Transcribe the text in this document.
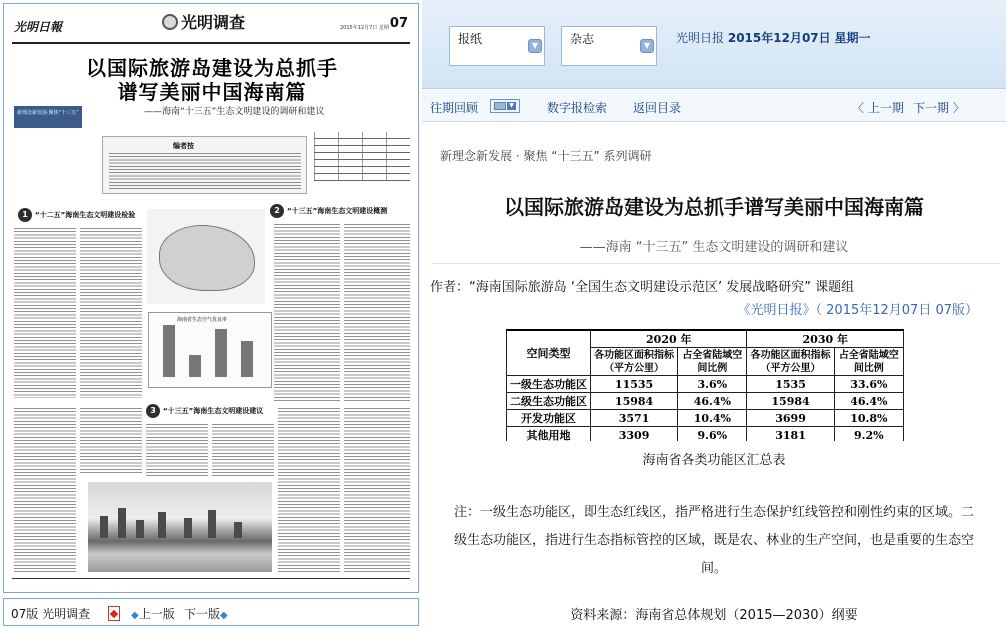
光明日報	光明调查	2015年12月7日 星期一
07
新理念新发展·聚焦“十三五”
以国际旅游岛建设为总抓手
谱写美丽中国海南篇
——海南“十三五”生态文明建设的调研和建议
编者按
1 “十二五”海南生态文明建设检验	2 “十三五”海南生态文明建设概测
3 “十三五”海南生态文明建设建议
海南省生态空气优良率
07版 光明调查	◆上一版 下一版◆
报纸	▼	杂志	▼
光明日报 2015年12月07日 星期一
往期回顾	▼	数字报检索 返回目录	〈 上一期 下一期 〉
新理念新发展 · 聚焦 “十三五” 系列调研
以国际旅游岛建设为总抓手谱写美丽中国海南篇
——海南 “十三五” 生态文明建设的调研和建议
作者：“海南国际旅游岛 ‘全国生态文明建设示范区’ 发展战略研究” 课题组
《光明日报》（ 2015年12月07日 07版）
空间类型	2020 年		2030 年	
	各功能区面积指标（平方公里）	占全省陆域空间比例	各功能区面积指标（平方公里）	占全省陆域空间比例
一级生态功能区	11535	3.6%	1535	33.6%
二级生态功能区	15984	46.4%	15984	46.4%
开发功能区	3571	10.4%	3699	10.8%
其他用地	3309	9.6%	3181	9.2%

海南省各类功能区汇总表
注：一级生态功能区，即生态红线区，指严格进行生态保护红线管控和刚性约束的区域。二级生态功能区，指进行生态指标管控的区域，既是农、林业的生产空间，也是重要的生态空间。
资料来源：海南省总体规划（2015—2030）纲要
